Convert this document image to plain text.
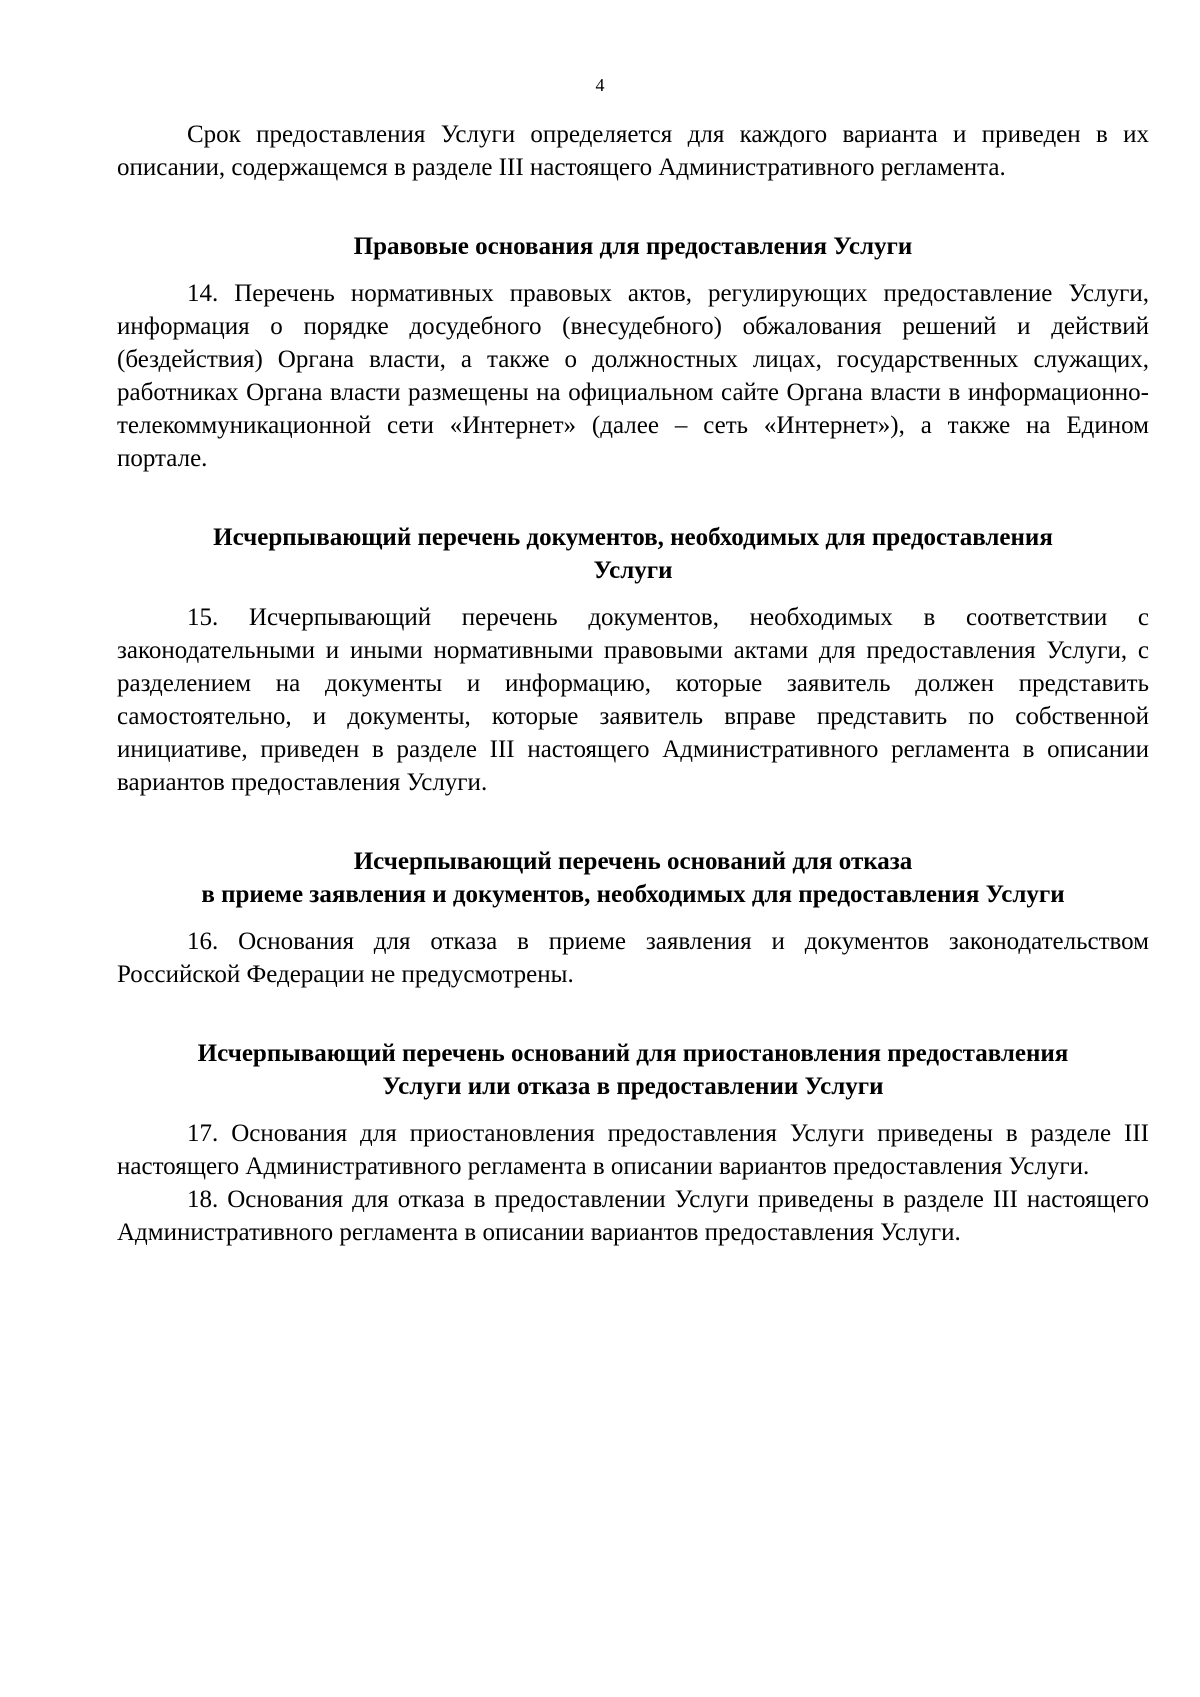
4

Срок предоставления Услуги определяется для каждого варианта и приведен в их описании, содержащемся в разделе III настоящего Административного регламента.

Правовые основания для предоставления Услуги

14. Перечень нормативных правовых актов, регулирующих предоставление Услуги, информация о порядке досудебного (внесудебного) обжалования решений и действий (бездействия) Органа власти, а также о должностных лицах, государственных служащих, работниках Органа власти размещены на официальном сайте Органа власти в информационно-телекоммуникационной сети «Интернет» (далее – сеть «Интернет»), а также на Едином портале.

Исчерпывающий перечень документов, необходимых для предоставления
Услуги

15. Исчерпывающий перечень документов, необходимых в соответствии с законодательными и иными нормативными правовыми актами для предоставления Услуги, с разделением на документы и информацию, которые заявитель должен представить самостоятельно, и документы, которые заявитель вправе представить по собственной инициативе, приведен в разделе III настоящего Административного регламента в описании вариантов предоставления Услуги.

Исчерпывающий перечень оснований для отказа
в приеме заявления и документов, необходимых для предоставления Услуги

16. Основания для отказа в приеме заявления и документов законодательством Российской Федерации не предусмотрены.

Исчерпывающий перечень оснований для приостановления предоставления
Услуги или отказа в предоставлении Услуги

17. Основания для приостановления предоставления Услуги приведены в разделе III настоящего Административного регламента в описании вариантов предоставления Услуги.

18. Основания для отказа в предоставлении Услуги приведены в разделе III настоящего Административного регламента в описании вариантов предоставления Услуги.
